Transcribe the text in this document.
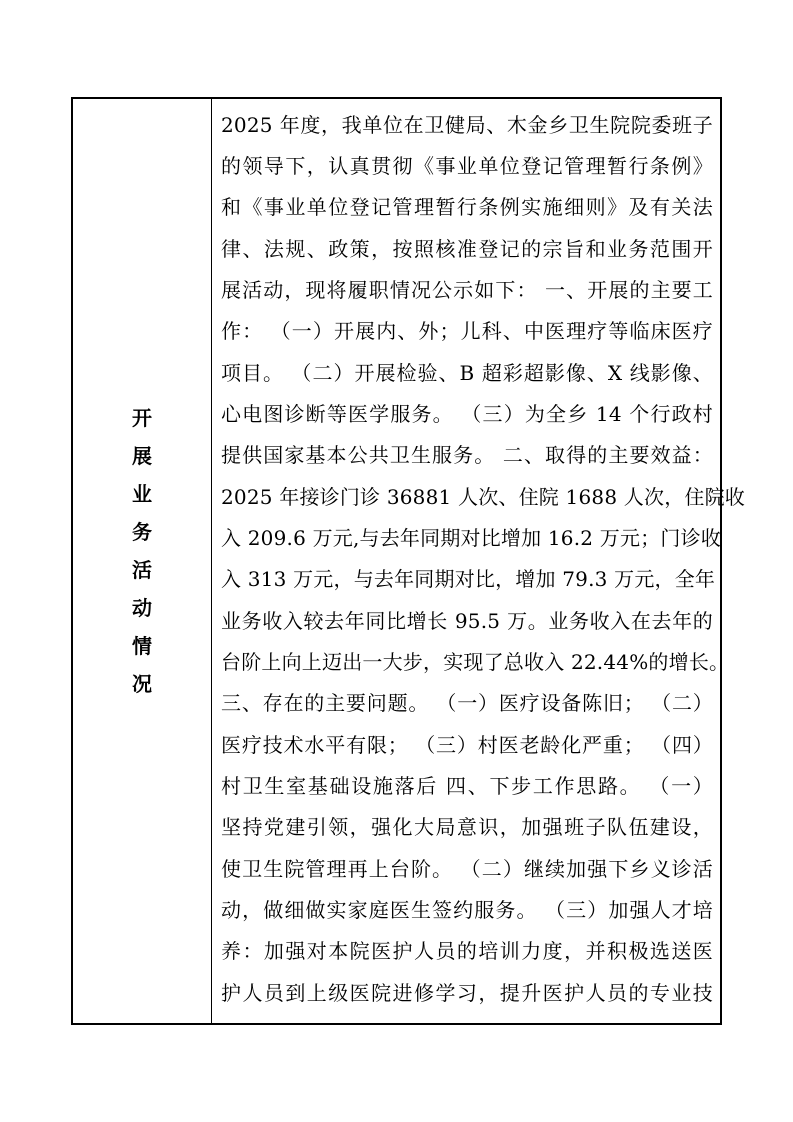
开
展
业
务
活
动
情
况
2025 年度，我单位在卫健局、木金乡卫生院院委班子
的领导下，认真贯彻《事业单位登记管理暂行条例》
和《事业单位登记管理暂行条例实施细则》及有关法
律、法规、政策，按照核准登记的宗旨和业务范围开
展活动，现将履职情况公示如下： 一、开展的主要工
作： （一）开展内、外；儿科、中医理疗等临床医疗
项目。 （二）开展检验、B 超彩超影像、X 线影像、
心电图诊断等医学服务。 （三）为全乡 14 个行政村
提供国家基本公共卫生服务。 二、取得的主要效益：
2025 年接诊门诊 36881 人次、住院 1688 人次，住院收
入 209.6 万元,与去年同期对比增加 16.2 万元；门诊收
入 313 万元，与去年同期对比，增加 79.3 万元，全年
业务收入较去年同比增长 95.5 万。业务收入在去年的
台阶上向上迈出一大步，实现了总收入 22.44%的增长。
三、存在的主要问题。 （一）医疗设备陈旧； （二）
医疗技术水平有限； （三）村医老龄化严重； （四）
村卫生室基础设施落后 四、下步工作思路。 （一）
坚持党建引领，强化大局意识，加强班子队伍建设，
使卫生院管理再上台阶。 （二）继续加强下乡义诊活
动，做细做实家庭医生签约服务。 （三）加强人才培
养：加强对本院医护人员的培训力度，并积极选送医
护人员到上级医院进修学习，提升医护人员的专业技
